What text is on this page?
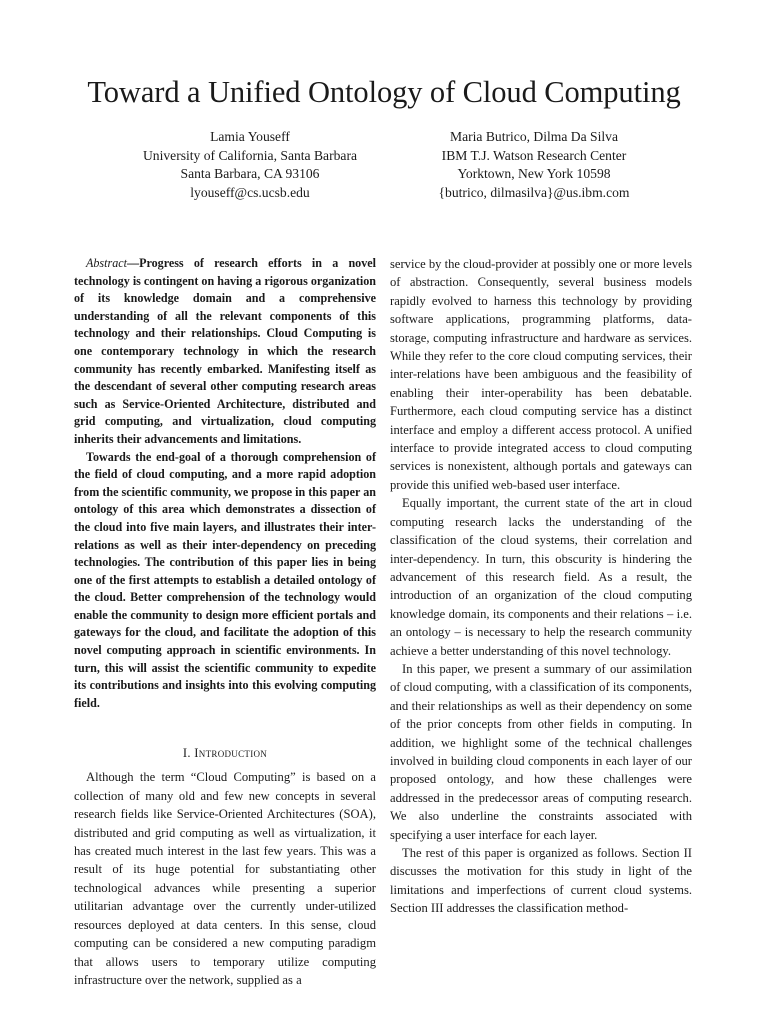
Toward a Unified Ontology of Cloud Computing
Lamia Youseff
University of California, Santa Barbara
Santa Barbara, CA 93106
lyouseff@cs.ucsb.edu
Maria Butrico, Dilma Da Silva
IBM T.J. Watson Research Center
Yorktown, New York 10598
{butrico, dilmasilva}@us.ibm.com

Abstract—Progress of research efforts in a novel technology is contingent on having a rigorous organization of its knowledge domain and a comprehensive understanding of all the relevant components of this technology and their relationships. Cloud Computing is one contemporary technology in which the research community has recently embarked. Manifesting itself as the descendant of several other computing research areas such as Service-Oriented Architecture, distributed and grid computing, and virtualization, cloud computing inherits their advancements and limitations.

Towards the end-goal of a thorough comprehension of the field of cloud computing, and a more rapid adoption from the scientific community, we propose in this paper an ontology of this area which demonstrates a dissection of the cloud into five main layers, and illustrates their inter-relations as well as their inter-dependency on preceding technologies. The contribution of this paper lies in being one of the first attempts to establish a detailed ontology of the cloud. Better comprehension of the technology would enable the community to design more efficient portals and gateways for the cloud, and facilitate the adoption of this novel computing approach in scientific environments. In turn, this will assist the scientific community to expedite its contributions and insights into this evolving computing field.

I. Introduction

Although the term “Cloud Computing” is based on a collection of many old and few new concepts in several research fields like Service-Oriented Architectures (SOA), distributed and grid computing as well as virtualization, it has created much interest in the last few years. This was a result of its huge potential for substantiating other technological advances while presenting a superior utilitarian advantage over the currently under-utilized resources deployed at data centers. In this sense, cloud computing can be considered a new computing paradigm that allows users to temporary utilize computing infrastructure over the network, supplied as a

service by the cloud-provider at possibly one or more levels of abstraction. Consequently, several business models rapidly evolved to harness this technology by providing software applications, programming platforms, data-storage, computing infrastructure and hardware as services. While they refer to the core cloud computing services, their inter-relations have been ambiguous and the feasibility of enabling their inter-operability has been debatable. Furthermore, each cloud computing service has a distinct interface and employ a different access protocol. A unified interface to provide integrated access to cloud computing services is nonexistent, although portals and gateways can provide this unified web-based user interface.

Equally important, the current state of the art in cloud computing research lacks the understanding of the classification of the cloud systems, their correlation and inter-dependency. In turn, this obscurity is hindering the advancement of this research field. As a result, the introduction of an organization of the cloud computing knowledge domain, its components and their relations – i.e. an ontology – is necessary to help the research community achieve a better understanding of this novel technology.

In this paper, we present a summary of our assimilation of cloud computing, with a classification of its components, and their relationships as well as their dependency on some of the prior concepts from other fields in computing. In addition, we highlight some of the technical challenges involved in building cloud components in each layer of our proposed ontology, and how these challenges were addressed in the predecessor areas of computing research. We also underline the constraints associated with specifying a user interface for each layer.

The rest of this paper is organized as follows. Section II discusses the motivation for this study in light of the limitations and imperfections of current cloud systems. Section III addresses the classification method-
